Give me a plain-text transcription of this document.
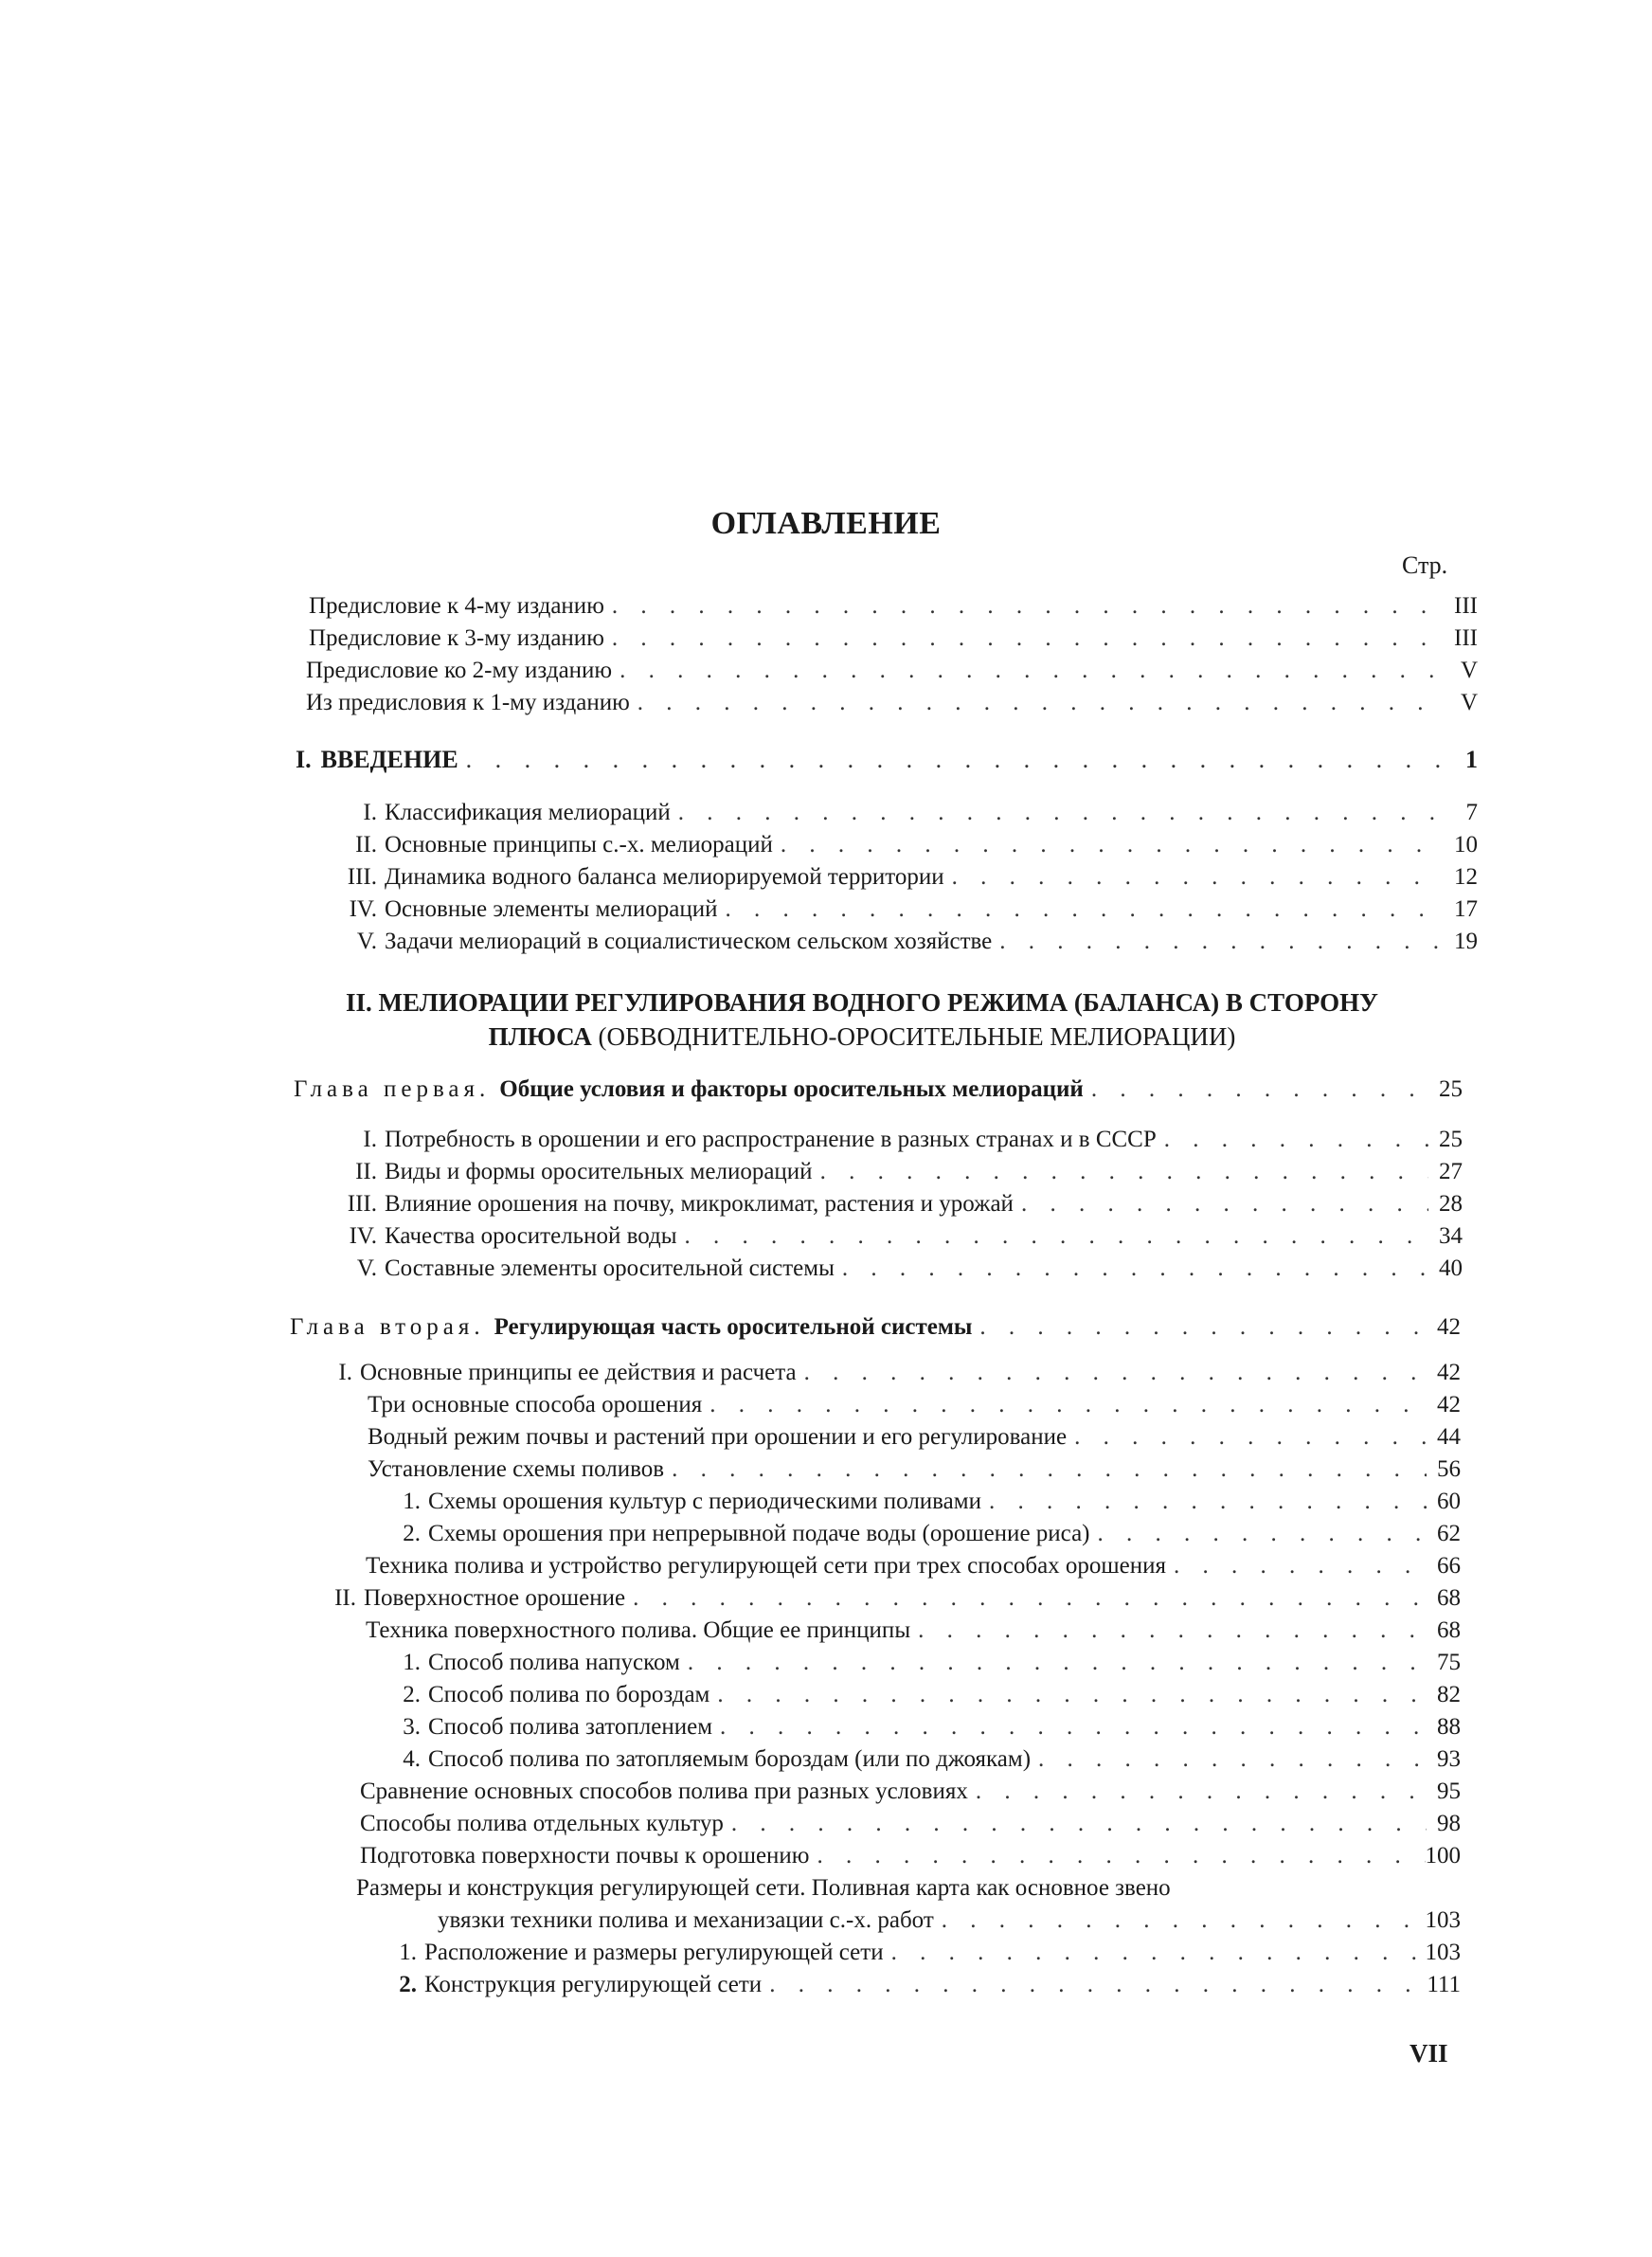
ОГЛАВЛЕНИЕ
Стр.
Предисловие к 4-му изданию . . .	III
Предисловие к 3-му изданию . . .	III
Предисловие ко 2-му изданию . . .	V
Из предисловия к 1-му изданию . . .	V
I. ВВЕДЕНИЕ . . .	1
I. Классификация мелиораций . . .	7
II. Основные принципы с.-х. мелиораций . . .	10
III. Динамика водного баланса мелиорируемой территории . . .	12
IV. Основные элементы мелиораций . . .	17
V. Задачи мелиораций в социалистическом сельском хозяйстве . . .	19
II. МЕЛИОРАЦИИ РЕГУЛИРОВАНИЯ ВОДНОГО РЕЖИМА (БАЛАНСА) В СТОРОНУ
ПЛЮСА (ОБВОДНИТЕЛЬНО-ОРОСИТЕЛЬНЫЕ МЕЛИОРАЦИИ)
Глава первая. Общие условия и факторы оросительных мелиораций . . .	25
I. Потребность в орошении и его распространение в разных странах и в СССР . . .	25
II. Виды и формы оросительных мелиораций . . .	27
III. Влияние орошения на почву, микроклимат, растения и урожай . . .	28
IV. Качества оросительной воды . . .	34
V. Составные элементы оросительной системы . . .	40
Глава вторая. Регулирующая часть оросительной системы . . .	42
I. Основные принципы ее действия и расчета . . .	42
Три основные способа орошения . . .	42
Водный режим почвы и растений при орошении и его регулирование . . .	44
Установление схемы поливов . . .	56
1. Схемы орошения культур с периодическими поливами . . .	60
2. Схемы орошения при непрерывной подаче воды (орошение риса) . . .	62
Техника полива и устройство регулирующей сети при трех способах орошения . . .	66
II. Поверхностное орошение . . .	68
Техника поверхностного полива. Общие ее принципы . . .	68
1. Способ полива напуском . . .	75
2. Способ полива по бороздам . . .	82
3. Способ полива затоплением . . .	88
4. Способ полива по затопляемым бороздам (или по джоякам) . . .	93
Сравнение основных способов полива при разных условиях . . .	95
Способы полива отдельных культур . . .	98
Подготовка поверхности почвы к орошению . . .	100
Размеры и конструкция регулирующей сети. Поливная карта как основное звено
увязки техники полива и механизации с.-х. работ . . .	103
1. Расположение и размеры регулирующей сети . . .	103
2. Конструкция регулирующей сети . . .	111
VII
